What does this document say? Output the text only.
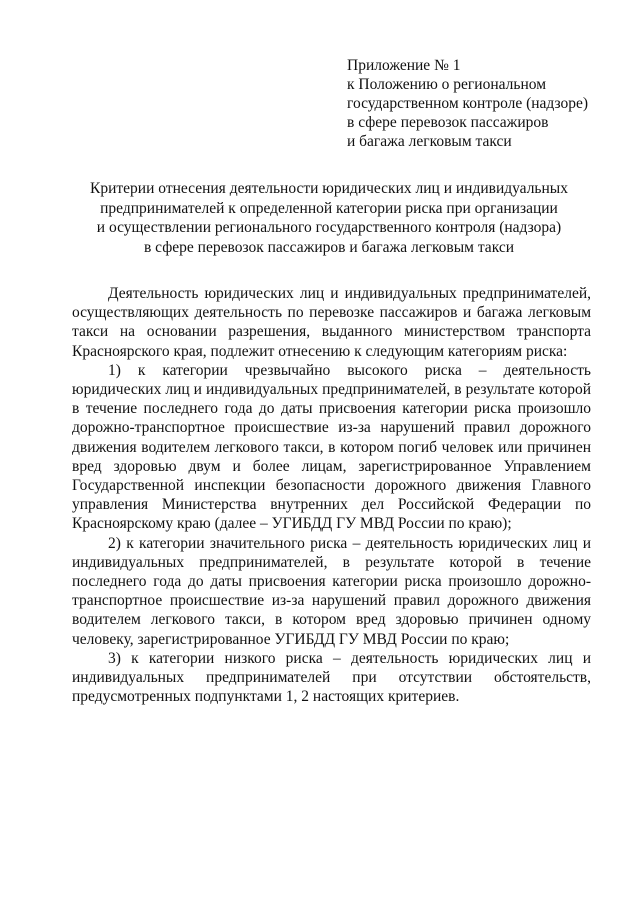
Приложение № 1
к Положению о региональном
государственном контроле (надзоре)
в сфере перевозок пассажиров
и багажа легковым такси
Критерии отнесения деятельности юридических лиц и индивидуальных
предпринимателей к определенной категории риска при организации
и осуществлении регионального государственного контроля (надзора)
в сфере перевозок пассажиров и багажа легковым такси

Деятельность юридических лиц и индивидуальных предпринимателей, осуществляющих деятельность по перевозке пассажиров и багажа легковым такси на основании разрешения, выданного министерством транспорта Красноярского края, подлежит отнесению к следующим категориям риска:

1) к категории чрезвычайно высокого риска – деятельность юридических лиц и индивидуальных предпринимателей, в результате которой в течение последнего года до даты присвоения категории риска произошло дорожно-транспортное происшествие из-за нарушений правил дорожного движения водителем легкового такси, в котором погиб человек или причинен вред здоровью двум и более лицам, зарегистрированное Управлением Государственной инспекции безопасности дорожного движения Главного управления Министерства внутренних дел Российской Федерации по Красноярскому краю (далее – УГИБДД ГУ МВД России по краю);

2) к категории значительного риска – деятельность юридических лиц и индивидуальных предпринимателей, в результате которой в течение последнего года до даты присвоения категории риска произошло дорожно-транспортное происшествие из-за нарушений правил дорожного движения водителем легкового такси, в котором вред здоровью причинен одному человеку, зарегистрированное УГИБДД ГУ МВД России по краю;

3) к категории низкого риска – деятельность юридических лиц и индивидуальных предпринимателей при отсутствии обстоятельств, предусмотренных подпунктами 1, 2 настоящих критериев.
